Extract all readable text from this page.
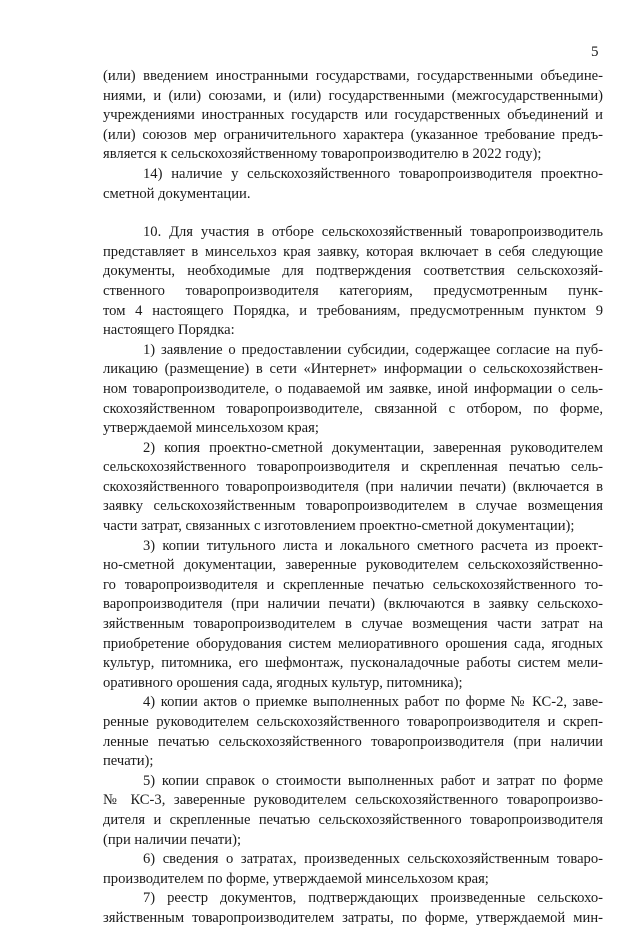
5

(или) введением иностранными государствами, государственными объедине-
ниями, и (или) союзами, и (или) государственными (межгосударственными)
учреждениями иностранных государств или государственных объединений и
(или) союзов мер ограничительного характера (указанное требование предъ-
является к сельскохозяйственному товаропроизводителю в 2022 году);

14) наличие у сельскохозяйственного товаропроизводителя проектно-
сметной документации.

10. Для участия в отборе сельскохозяйственный товаропроизводитель
представляет в минсельхоз края заявку, которая включает в себя следующие
документы, необходимые для подтверждения соответствия сельскохозяй-
ственного товаропроизводителя категориям, предусмотренным пунк-
том 4 настоящего Порядка, и требованиям, предусмотренным пунктом 9
настоящего Порядка:

1) заявление о предоставлении субсидии, содержащее согласие на пуб-
ликацию (размещение) в сети «Интернет» информации о сельскохозяйствен-
ном товаропроизводителе, о подаваемой им заявке, иной информации о сель-
скохозяйственном товаропроизводителе, связанной с отбором, по форме,
утверждаемой минсельхозом края;

2) копия проектно-сметной документации, заверенная руководителем
сельскохозяйственного товаропроизводителя и скрепленная печатью сель-
скохозяйственного товаропроизводителя (при наличии печати) (включается в
заявку сельскохозяйственным товаропроизводителем в случае возмещения
части затрат, связанных с изготовлением проектно-сметной документации);

3) копии титульного листа и локального сметного расчета из проект-
но-сметной документации, заверенные руководителем сельскохозяйственно-
го товаропроизводителя и скрепленные печатью сельскохозяйственного то-
варопроизводителя (при наличии печати) (включаются в заявку сельскохо-
зяйственным товаропроизводителем в случае возмещения части затрат на
приобретение оборудования систем мелиоративного орошения сада, ягодных
культур, питомника, его шефмонтаж, пусконаладочные работы систем мели-
оративного орошения сада, ягодных культур, питомника);

4) копии актов о приемке выполненных работ по форме № КС-2, заве-
ренные руководителем сельскохозяйственного товаропроизводителя и скреп-
ленные печатью сельскохозяйственного товаропроизводителя (при наличии
печати);

5) копии справок о стоимости выполненных работ и затрат по форме
№ КС-3, заверенные руководителем сельскохозяйственного товаропроизво-
дителя и скрепленные печатью сельскохозяйственного товаропроизводителя
(при наличии печати);

6) сведения о затратах, произведенных сельскохозяйственным товаро-
производителем по форме, утверждаемой минсельхозом края;

7) реестр документов, подтверждающих произведенные сельскохо-
зяйственным товаропроизводителем затраты, по форме, утверждаемой мин-
